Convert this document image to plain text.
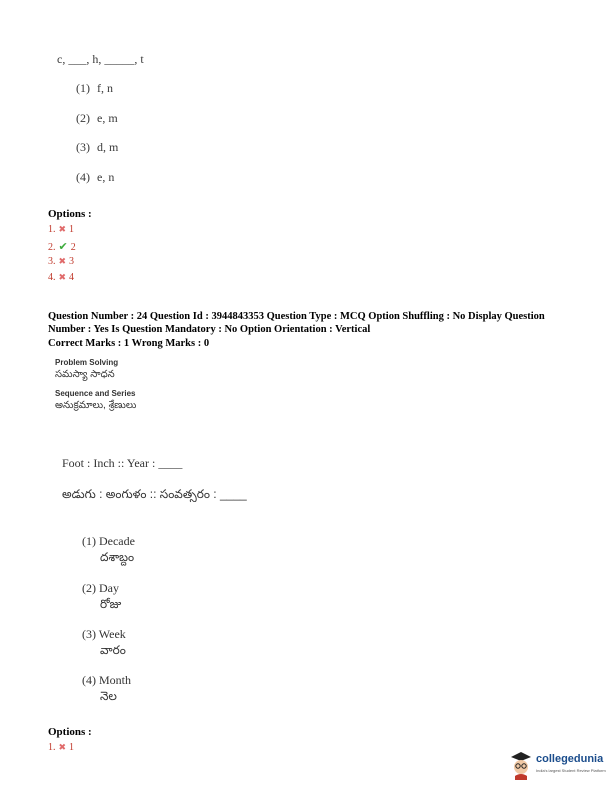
c, ___, h, _____, t
(1) f, n
(2) e, m
(3) d, m
(4) e, n
Options :
1. ✖ 1
2. ✔ 2
3. ✖ 3
4. ✖ 4
Question Number : 24 Question Id : 3944843353 Question Type : MCQ Option Shuffling : No Display Question Number : Yes Is Question Mandatory : No Option Orientation : Vertical
Correct Marks : 1 Wrong Marks : 0
Problem Solving
సమస్యా సాధన
Sequence and Series
అనుక్రమాలు, శ్రేణులు
Foot : Inch :: Year : ____
అడుగు : అంగుళం :: సంవత్సరం : ____
(1) Decade
దశాబ్దం
(2) Day
రోజు
(3) Week
వారం
(4) Month
నెల
Options :
1. ✖ 1
collegedunia
India's largest Student Review Platform
